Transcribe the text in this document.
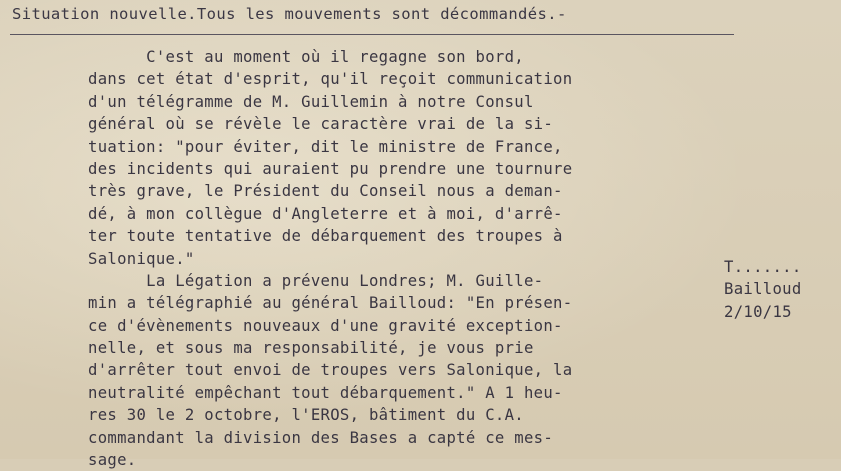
Situation nouvelle.Tous les mouvements sont décommandés.-
C'est au moment où il regagne son bord,
dans cet état d'esprit, qu'il reçoit communication
d'un télégramme de M. Guillemin à notre Consul
général où se révèle le caractère vrai de la si-
tuation: "pour éviter, dit le ministre de France,
des incidents qui auraient pu prendre une tournure
très grave, le Président du Conseil nous a deman-
dé, à mon collègue d'Angleterre et à moi, d'arrê-
ter toute tentative de débarquement des troupes à
Salonique."
La Légation a prévenu Londres; M. Guille-
min a télégraphié au général Bailloud: "En présen-
ce d'évènements nouveaux d'une gravité exception-
nelle, et sous ma responsabilité, je vous prie
d'arrêter tout envoi de troupes vers Salonique, la
neutralité empêchant tout débarquement." A 1 heu-
res 30 le 2 octobre, l'EROS, bâtiment du C.A.
commandant la division des Bases a capté ce mes-
sage.
T.......
Bailloud
2/10/15
